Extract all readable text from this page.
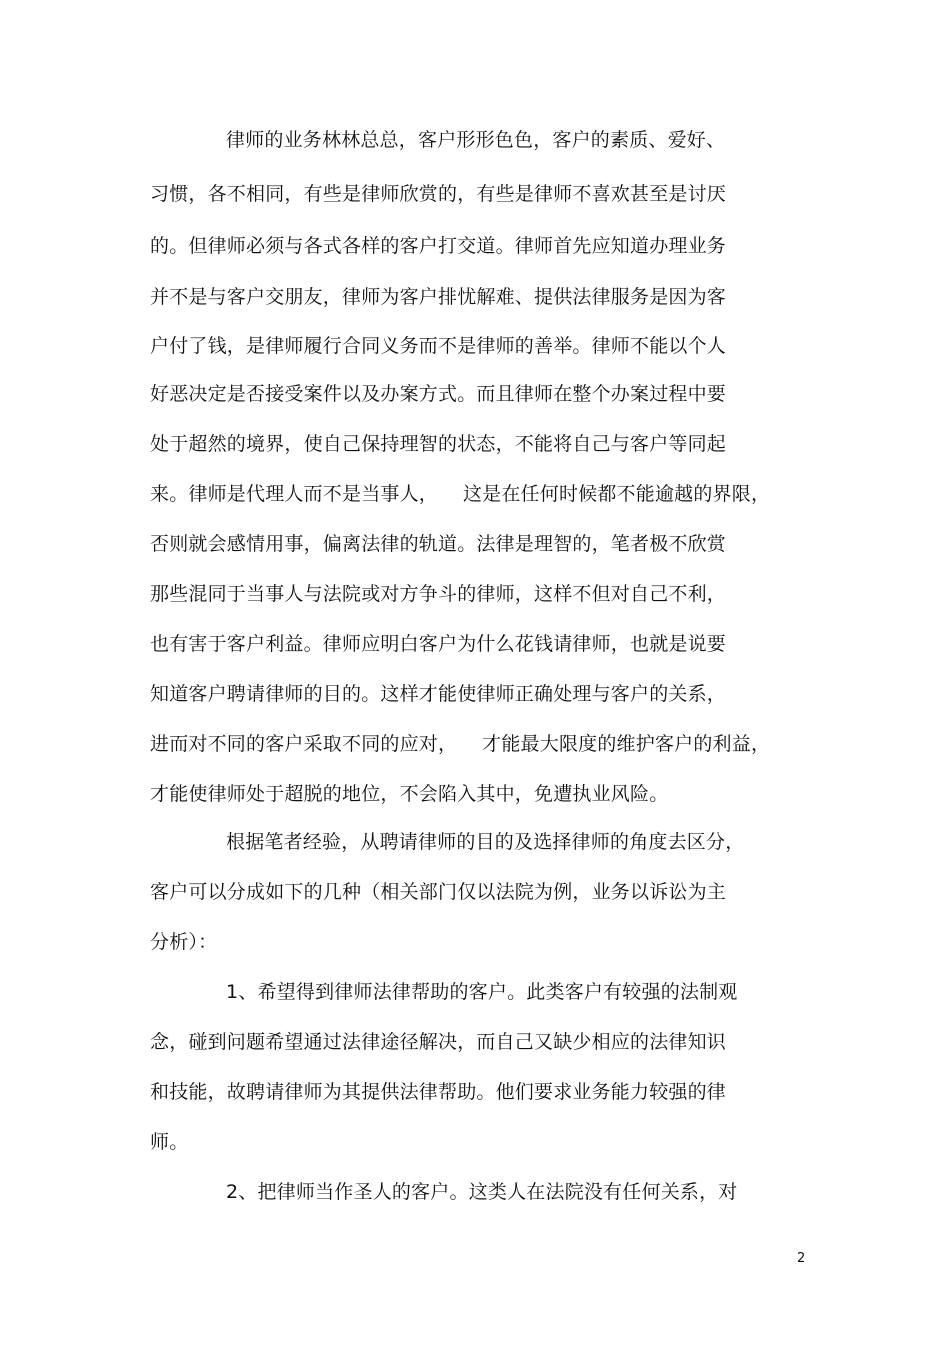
律师的业务林林总总，客户形形色色，客户的素质、爱好、
习惯，各不相同，有些是律师欣赏的，有些是律师不喜欢甚至是讨厌
的。但律师必须与各式各样的客户打交道。律师首先应知道办理业务
并不是与客户交朋友，律师为客户排忧解难、提供法律服务是因为客
户付了钱，是律师履行合同义务而不是律师的善举。律师不能以个人
好恶决定是否接受案件以及办案方式。而且律师在整个办案过程中要
处于超然的境界，使自己保持理智的状态，不能将自己与客户等同起
来。律师是代理人而不是当事人，    这是在任何时候都不能逾越的界限，
否则就会感情用事，偏离法律的轨道。法律是理智的，笔者极不欣赏
那些混同于当事人与法院或对方争斗的律师，这样不但对自己不利，
也有害于客户利益。律师应明白客户为什么花钱请律师，也就是说要
知道客户聘请律师的目的。这样才能使律师正确处理与客户的关系，
进而对不同的客户采取不同的应对，    才能最大限度的维护客户的利益，
才能使律师处于超脱的地位，不会陷入其中，免遭执业风险。
根据笔者经验，从聘请律师的目的及选择律师的角度去区分，
客户可以分成如下的几种（相关部门仅以法院为例，业务以诉讼为主
分析）：
1、希望得到律师法律帮助的客户。此类客户有较强的法制观
念，碰到问题希望通过法律途径解决，而自己又缺少相应的法律知识
和技能，故聘请律师为其提供法律帮助。他们要求业务能力较强的律
师。
2、把律师当作圣人的客户。这类人在法院没有任何关系，对
2
